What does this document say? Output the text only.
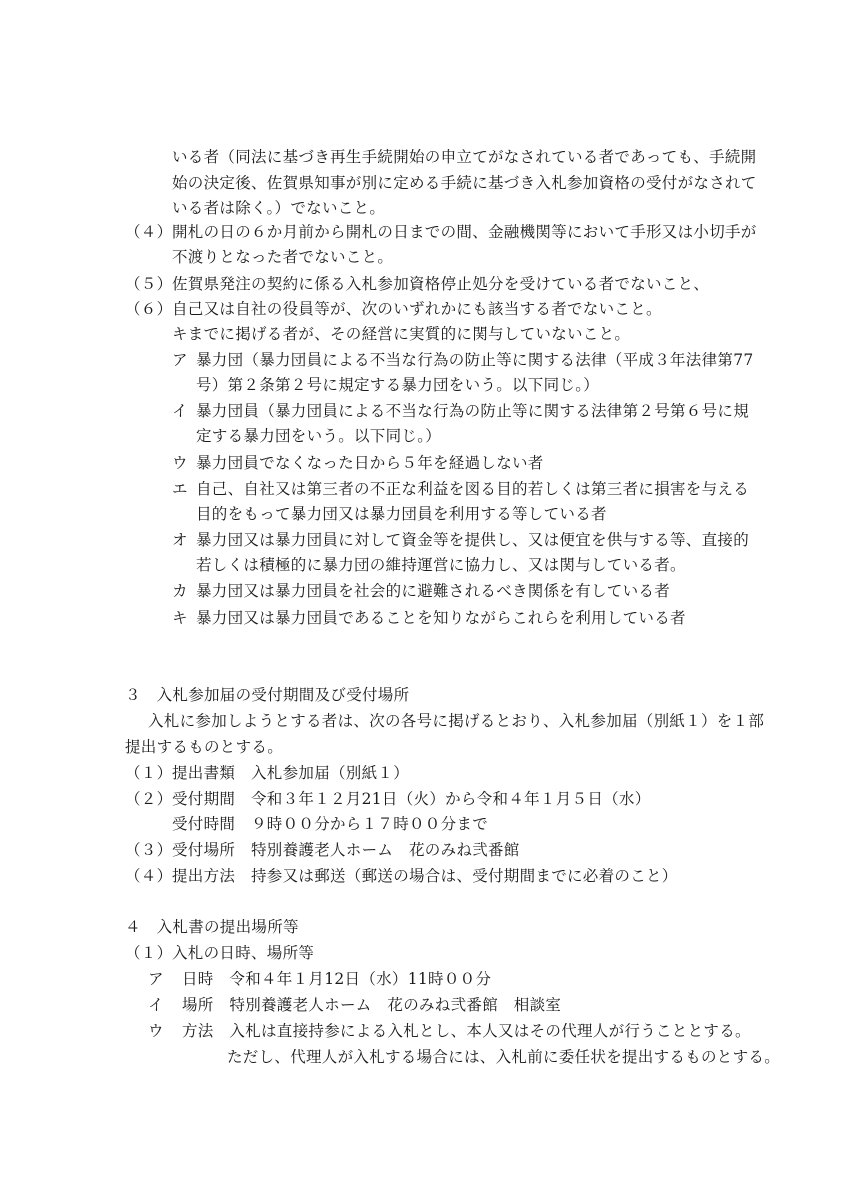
いる者（同法に基づき再生手続開始の申立てがなされている者であっても、手続開
始の決定後、佐賀県知事が別に定める手続に基づき入札参加資格の受付がなされて
いる者は除く。）でないこと。
（４） 開札の日の６か月前から開札の日までの間、金融機関等において手形又は小切手が
不渡りとなった者でないこと。
（５） 佐賀県発注の契約に係る入札参加資格停止処分を受けている者でないこと、
（６） 自己又は自社の役員等が、次のいずれかにも該当する者でないこと。
キまでに掲げる者が、その経営に実質的に関与していないこと。
ア 暴力団（暴力団員による不当な行為の防止等に関する法律（平成３年法律第77
号）第２条第２号に規定する暴力団をいう。以下同じ。）
イ 暴力団員（暴力団員による不当な行為の防止等に関する法律第２号第６号に規
定する暴力団をいう。以下同じ。）
ウ 暴力団員でなくなった日から５年を経過しない者
エ 自己、自社又は第三者の不正な利益を図る目的若しくは第三者に損害を与える
目的をもって暴力団又は暴力団員を利用する等している者
オ 暴力団又は暴力団員に対して資金等を提供し、又は便宜を供与する等、直接的
若しくは積極的に暴力団の維持運営に協力し、又は関与している者。
カ 暴力団又は暴力団員を社会的に避難されるべき関係を有している者
キ 暴力団又は暴力団員であることを知りながらこれらを利用している者
３　入札参加届の受付期間及び受付場所
入札に参加しようとする者は、次の各号に掲げるとおり、入札参加届（別紙１）を１部
提出するものとする。
（１） 提出書類　入札参加届（別紙１）
（２） 受付期間　令和３年１２月21日（火）から令和４年１月５日（水）
受付時間　９時００分から１７時００分まで
（３） 受付場所　特別養護老人ホーム　花のみね弐番館
（４） 提出方法　持参又は郵送（郵送の場合は、受付期間までに必着のこと）
４　入札書の提出場所等
（１） 入札の日時、場所等
ア 日時　令和４年１月12日（水）11時００分
イ 場所　特別養護老人ホーム　花のみね弐番館　相談室
ウ 方法　入札は直接持参による入札とし、本人又はその代理人が行うこととする。
ただし、代理人が入札する場合には、入札前に委任状を提出するものとする。
